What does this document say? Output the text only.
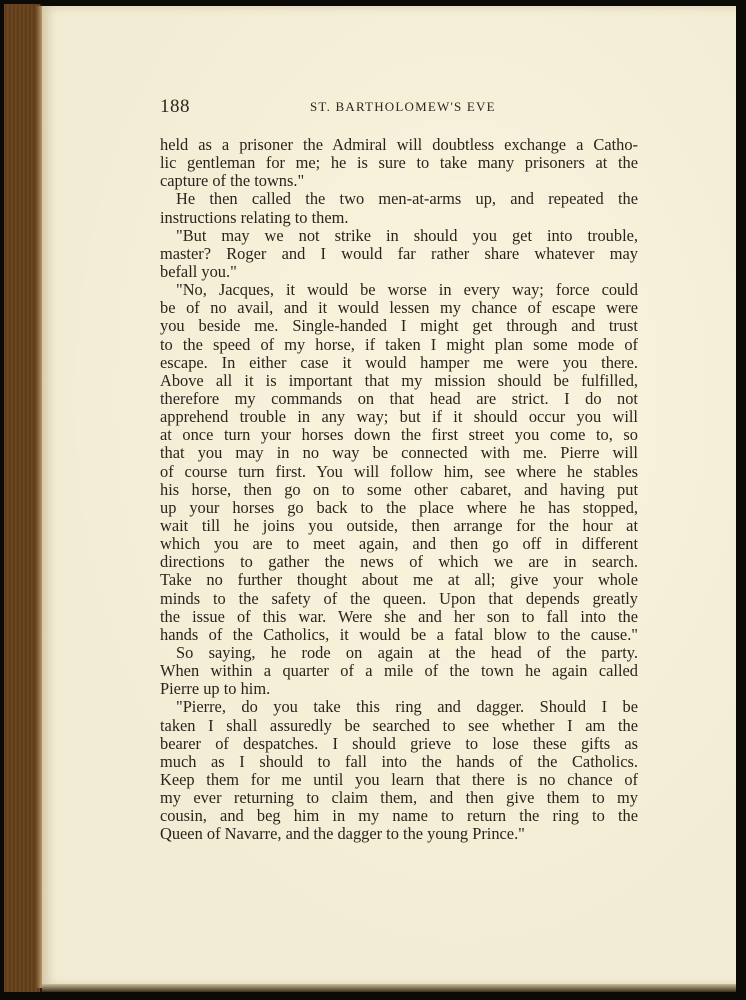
188	ST. BARTHOLOMEW'S EVE
held as a prisoner the Admiral will doubtless exchange a Catho-
lic gentleman for me; he is sure to take many prisoners at the
capture of the towns."
He then called the two men-at-arms up, and repeated the
instructions relating to them.
"But may we not strike in should you get into trouble,
master? Roger and I would far rather share whatever may
befall you."
"No, Jacques, it would be worse in every way; force could
be of no avail, and it would lessen my chance of escape were
you beside me. Single-handed I might get through and trust
to the speed of my horse, if taken I might plan some mode of
escape. In either case it would hamper me were you there.
Above all it is important that my mission should be fulfilled,
therefore my commands on that head are strict. I do not
apprehend trouble in any way; but if it should occur you will
at once turn your horses down the first street you come to, so
that you may in no way be connected with me. Pierre will
of course turn first. You will follow him, see where he stables
his horse, then go on to some other cabaret, and having put
up your horses go back to the place where he has stopped,
wait till he joins you outside, then arrange for the hour at
which you are to meet again, and then go off in different
directions to gather the news of which we are in search.
Take no further thought about me at all; give your whole
minds to the safety of the queen. Upon that depends greatly
the issue of this war. Were she and her son to fall into the
hands of the Catholics, it would be a fatal blow to the cause."
So saying, he rode on again at the head of the party.
When within a quarter of a mile of the town he again called
Pierre up to him.
"Pierre, do you take this ring and dagger. Should I be
taken I shall assuredly be searched to see whether I am the
bearer of despatches. I should grieve to lose these gifts as
much as I should to fall into the hands of the Catholics.
Keep them for me until you learn that there is no chance of
my ever returning to claim them, and then give them to my
cousin, and beg him in my name to return the ring to the
Queen of Navarre, and the dagger to the young Prince."
